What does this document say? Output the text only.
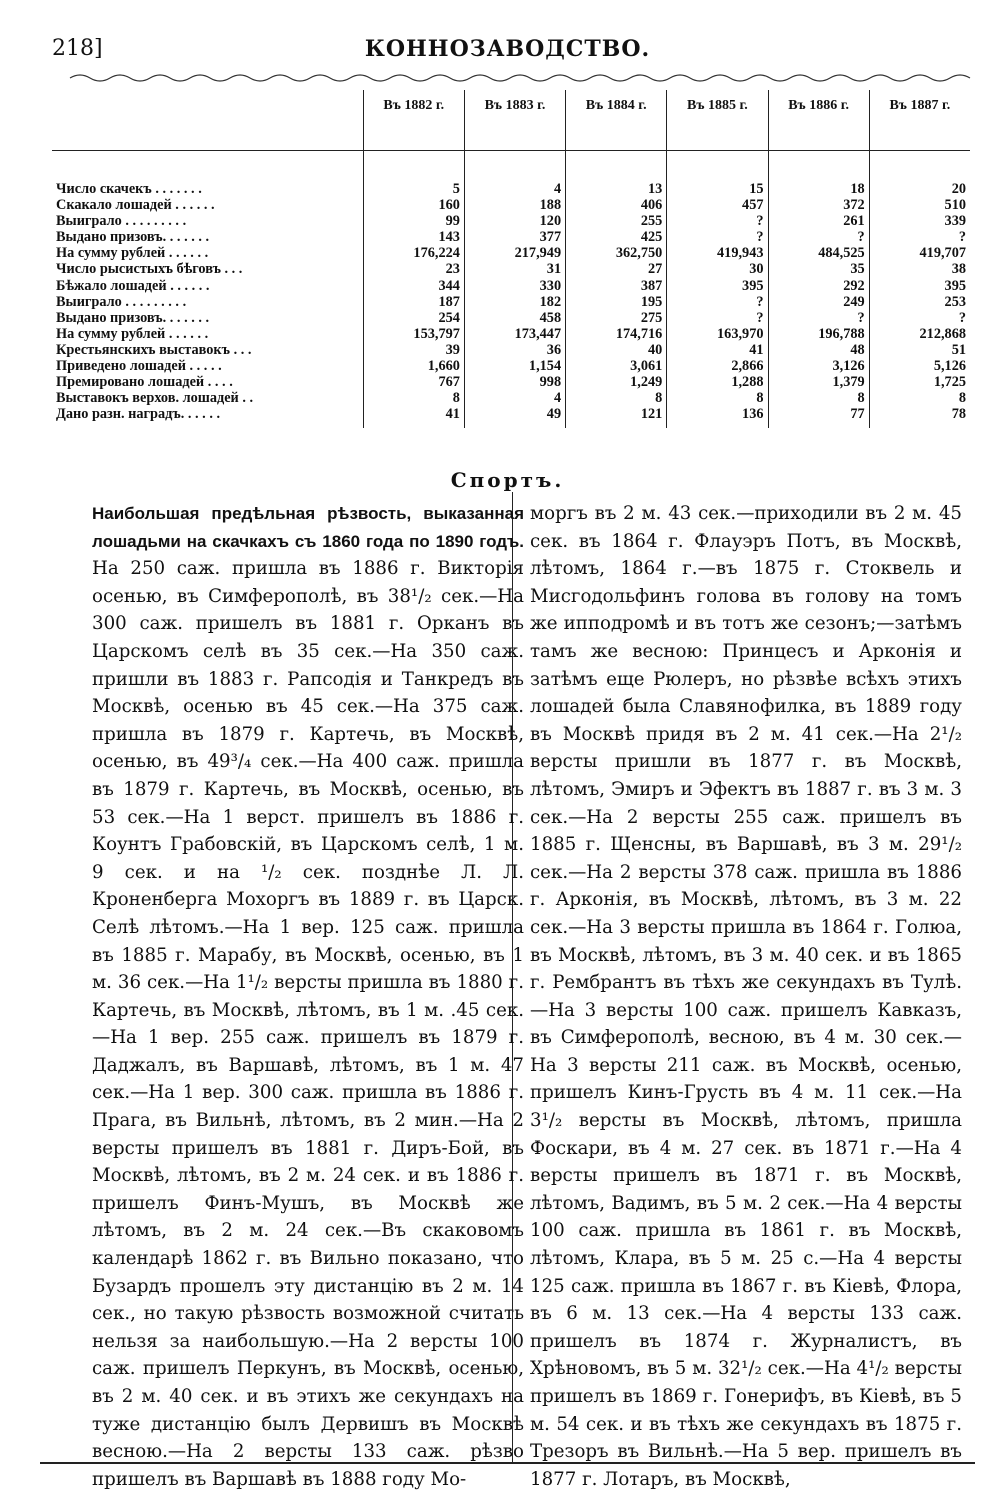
218]	КОННОЗАВОДСТВО.
	Въ 1882 г.	Въ 1883 г.	Въ 1884 г.	Въ 1885 г.	Въ 1886 г.	Въ 1887 г.

Число скачекъ . . . . . . .	5	4	13	15	18	20
Скакало лошадей . . . . . .	160	188	406	457	372	510
Выиграло . . . . . . . . .	99	120	255	?	261	339
Выдано призовъ. . . . . . .	143	377	425	?	?	?
На сумму рублей . . . . . .	176,224	217,949	362,750	419,943	484,525	419,707
Число рысистыхъ бѣговъ . . .	23	31	27	30	35	38
Бѣжало лошадей . . . . . .	344	330	387	395	292	395
Выиграло . . . . . . . . .	187	182	195	?	249	253
Выдано призовъ. . . . . . .	254	458	275	?	?	?
На сумму рублей . . . . . .	153,797	173,447	174,716	163,970	196,788	212,868
Крестьянскихъ выставокъ . . .	39	36	40	41	48	51
Приведено лошадей . . . . .	1,660	1,154	3,061	2,866	3,126	5,126
Премировано лошадей . . . .	767	998	1,249	1,288	1,379	1,725
Выставокъ верхов. лошадей . .	8	4	8	8	8	8
Дано разн. наградъ. . . . . .	41	49	121	136	77	78
Спортъ.
Наибольшая предѣльная рѣзвость, выказанная лошадьми на скачкахъ съ 1860 года по 1890 годъ. На 250 саж. пришла въ 1886 г. Викторія осенью, въ Симферополѣ, въ 38¹/₂ сек.—На 300 саж. пришелъ въ 1881 г. Орканъ въ Царскомъ селѣ въ 35 сек.—На 350 саж. пришли въ 1883 г. Рапсодія и Танкредъ въ Москвѣ, осенью въ 45 сек.—На 375 саж. пришла въ 1879 г. Картечь, въ Москвѣ, осенью, въ 49³/₄ сек.—На 400 саж. пришла въ 1879 г. Картечь, въ Москвѣ, осенью, въ 53 сек.—На 1 верст. пришелъ въ 1886 г. Коунтъ Грабовскій, въ Царскомъ селѣ, 1 м. 9 сек. и на ¹/₂ сек. позднѣе Л. Л. Кроненберга Мохоргъ въ 1889 г. въ Царск. Селѣ лѣтомъ.—На 1 вер. 125 саж. пришла въ 1885 г. Марабу, въ Москвѣ, осенью, въ 1 м. 36 сек.—На 1¹/₂ версты пришла въ 1880 г. Картечь, въ Москвѣ, лѣтомъ, въ 1 м. .45 сек.—На 1 вер. 255 саж. пришелъ въ 1879 г. Даджалъ, въ Варшавѣ, лѣтомъ, въ 1 м. 47 сек.—На 1 вер. 300 саж. пришла въ 1886 г. Прага, въ Вильнѣ, лѣтомъ, въ 2 мин.—На 2 версты пришелъ въ 1881 г. Диръ-Бой, въ Москвѣ, лѣтомъ, въ 2 м. 24 сек. и въ 1886 г. пришелъ Финъ-Мушъ, въ Москвѣ же лѣтомъ, въ 2 м. 24 сек.—Въ скаковомъ календарѣ 1862 г. въ Вильно показано, что Бузардъ прошелъ эту дистанцію въ 2 м. 14 сек., но такую рѣзвость возможной считать нельзя за наибольшую.—На 2 версты 100 саж. пришелъ Перкунъ, въ Москвѣ, осенью, въ 2 м. 40 сек. и въ этихъ же секундахъ на туже дистанцію былъ Дервишъ въ Москвѣ весною.—На 2 версты 133 саж. рѣзво пришелъ въ Варшавѣ въ 1888 году Мо-
моргъ въ 2 м. 43 сек.—приходили въ 2 м. 45 сек. въ 1864 г. Флауэръ Потъ, въ Москвѣ, лѣтомъ, 1864 г.—въ 1875 г. Стоквель и Мисгодольфинъ голова въ голову на томъ же ипподромѣ и въ тотъ же сезонъ;—затѣмъ тамъ же весною: Принцесъ и Арконія и затѣмъ еще Рюлеръ, но рѣзвѣе всѣхъ этихъ лошадей была Славянофилка, въ 1889 году въ Москвѣ придя въ 2 м. 41 сек.—На 2¹/₂ версты пришли въ 1877 г. въ Москвѣ, лѣтомъ, Эмиръ и Эфектъ въ 1887 г. въ 3 м. 3 сек.—На 2 версты 255 саж. пришелъ въ 1885 г. Щенсны, въ Варшавѣ, въ 3 м. 29¹/₂ сек.—На 2 версты 378 саж. пришла въ 1886 г. Арконія, въ Москвѣ, лѣтомъ, въ 3 м. 22 сек.—На 3 версты пришла въ 1864 г. Голюа, въ Москвѣ, лѣтомъ, въ 3 м. 40 сек. и въ 1865 г. Рембрантъ въ тѣхъ же секундахъ въ Тулѣ.—На 3 версты 100 саж. пришелъ Кавказъ, въ Симферополѣ, весною, въ 4 м. 30 сек.—На 3 версты 211 саж. въ Москвѣ, осенью, пришелъ Кинъ-Грусть въ 4 м. 11 сек.—На 3¹/₂ версты въ Москвѣ, лѣтомъ, пришла Фоскари, въ 4 м. 27 сек. въ 1871 г.—На 4 версты пришелъ въ 1871 г. въ Москвѣ, лѣтомъ, Вадимъ, въ 5 м. 2 сек.—На 4 версты 100 саж. пришла въ 1861 г. въ Москвѣ, лѣтомъ, Клара, въ 5 м. 25 с.—На 4 версты 125 саж. пришла въ 1867 г. въ Кіевѣ, Флора, въ 6 м. 13 сек.—На 4 версты 133 саж. пришелъ въ 1874 г. Журналистъ, въ Хрѣновомъ, въ 5 м. 32¹/₂ сек.—На 4¹/₂ версты пришелъ въ 1869 г. Гонерифъ, въ Кіевѣ, въ 5 м. 54 сек. и въ тѣхъ же секундахъ въ 1875 г. Трезоръ въ Вильнѣ.—На 5 вер. пришелъ въ 1877 г. Лотаръ, въ Москвѣ,
